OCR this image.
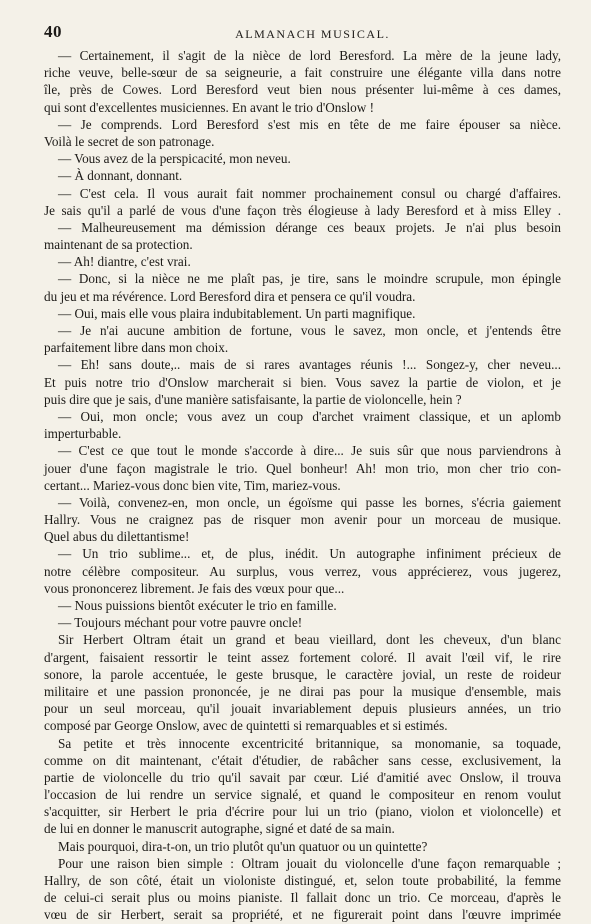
40	ALMANACH MUSICAL.
— Certainement, il s'agit de la nièce de lord Beresford. La mère de la jeune lady,
riche veuve, belle-sœur de sa seigneurie, a fait construire une élégante villa dans notre
île, près de Cowes. Lord Beresford veut bien nous présenter lui-même à ces dames,
qui sont d'excellentes musiciennes. En avant le trio d'Onslow !
— Je comprends. Lord Beresford s'est mis en tête de me faire épouser sa nièce.
Voilà le secret de son patronage.
— Vous avez de la perspicacité, mon neveu.
— À donnant, donnant.
— C'est cela. Il vous aurait fait nommer prochainement consul ou chargé d'affaires.
Je sais qu'il a parlé de vous d'une façon très élogieuse à lady Beresford et à miss Elley .
— Malheureusement ma démission dérange ces beaux projets. Je n'ai plus besoin
maintenant de sa protection.
— Ah! diantre, c'est vrai.
— Donc, si la nièce ne me plaît pas, je tire, sans le moindre scrupule, mon épingle
du jeu et ma révérence. Lord Beresford dira et pensera ce qu'il voudra.
— Oui, mais elle vous plaira indubitablement. Un parti magnifique.
— Je n'ai aucune ambition de fortune, vous le savez, mon oncle, et j'entends être
parfaitement libre dans mon choix.
— Eh! sans doute,.. mais de si rares avantages réunis !... Songez-y, cher neveu...
Et puis notre trio d'Onslow marcherait si bien. Vous savez la partie de violon, et je
puis dire que je sais, d'une manière satisfaisante, la partie de violoncelle, hein ?
— Oui, mon oncle; vous avez un coup d'archet vraiment classique, et un aplomb
imperturbable.
— C'est ce que tout le monde s'accorde à dire... Je suis sûr que nous parviendrons à
jouer d'une façon magistrale le trio. Quel bonheur! Ah! mon trio, mon cher trio con-
certant... Mariez-vous donc bien vite, Tim, mariez-vous.
— Voilà, convenez-en, mon oncle, un égoïsme qui passe les bornes, s'écria gaiement
Hallry. Vous ne craignez pas de risquer mon avenir pour un morceau de musique.
Quel abus du dilettantisme!
— Un trio sublime... et, de plus, inédit. Un autographe infiniment précieux de
notre célèbre compositeur. Au surplus, vous verrez, vous apprécierez, vous jugerez,
vous prononcerez librement. Je fais des vœux pour que...
— Nous puissions bientôt exécuter le trio en famille.
— Toujours méchant pour votre pauvre oncle!
Sir Herbert Oltram était un grand et beau vieillard, dont les cheveux, d'un blanc
d'argent, faisaient ressortir le teint assez fortement coloré. Il avait l'œil vif, le rire
sonore, la parole accentuée, le geste brusque, le caractère jovial, un reste de roideur
militaire et une passion prononcée, je ne dirai pas pour la musique d'ensemble, mais
pour un seul morceau, qu'il jouait invariablement depuis plusieurs années, un trio
composé par George Onslow, avec de quintetti si remarquables et si estimés.
Sa petite et très innocente excentricité britannique, sa monomanie, sa toquade,
comme on dit maintenant, c'était d'étudier, de rabâcher sans cesse, exclusivement, la
partie de violoncelle du trio qu'il savait par cœur. Lié d'amitié avec Onslow, il trouva
l'occasion de lui rendre un service signalé, et quand le compositeur en renom voulut
s'acquitter, sir Herbert le pria d'écrire pour lui un trio (piano, violon et violoncelle) et
de lui en donner le manuscrit autographe, signé et daté de sa main.
Mais pourquoi, dira-t-on, un trio plutôt qu'un quatuor ou un quintette?
Pour une raison bien simple : Oltram jouait du violoncelle d'une façon remarquable ;
Hallry, de son côté, était un violoniste distingué, et, selon toute probabilité, la femme
de celui-ci serait plus ou moins pianiste. Il fallait donc un trio. Ce morceau, d'après le
vœu de sir Herbert, serait sa propriété, et ne figurerait point dans l'œuvre imprimée
